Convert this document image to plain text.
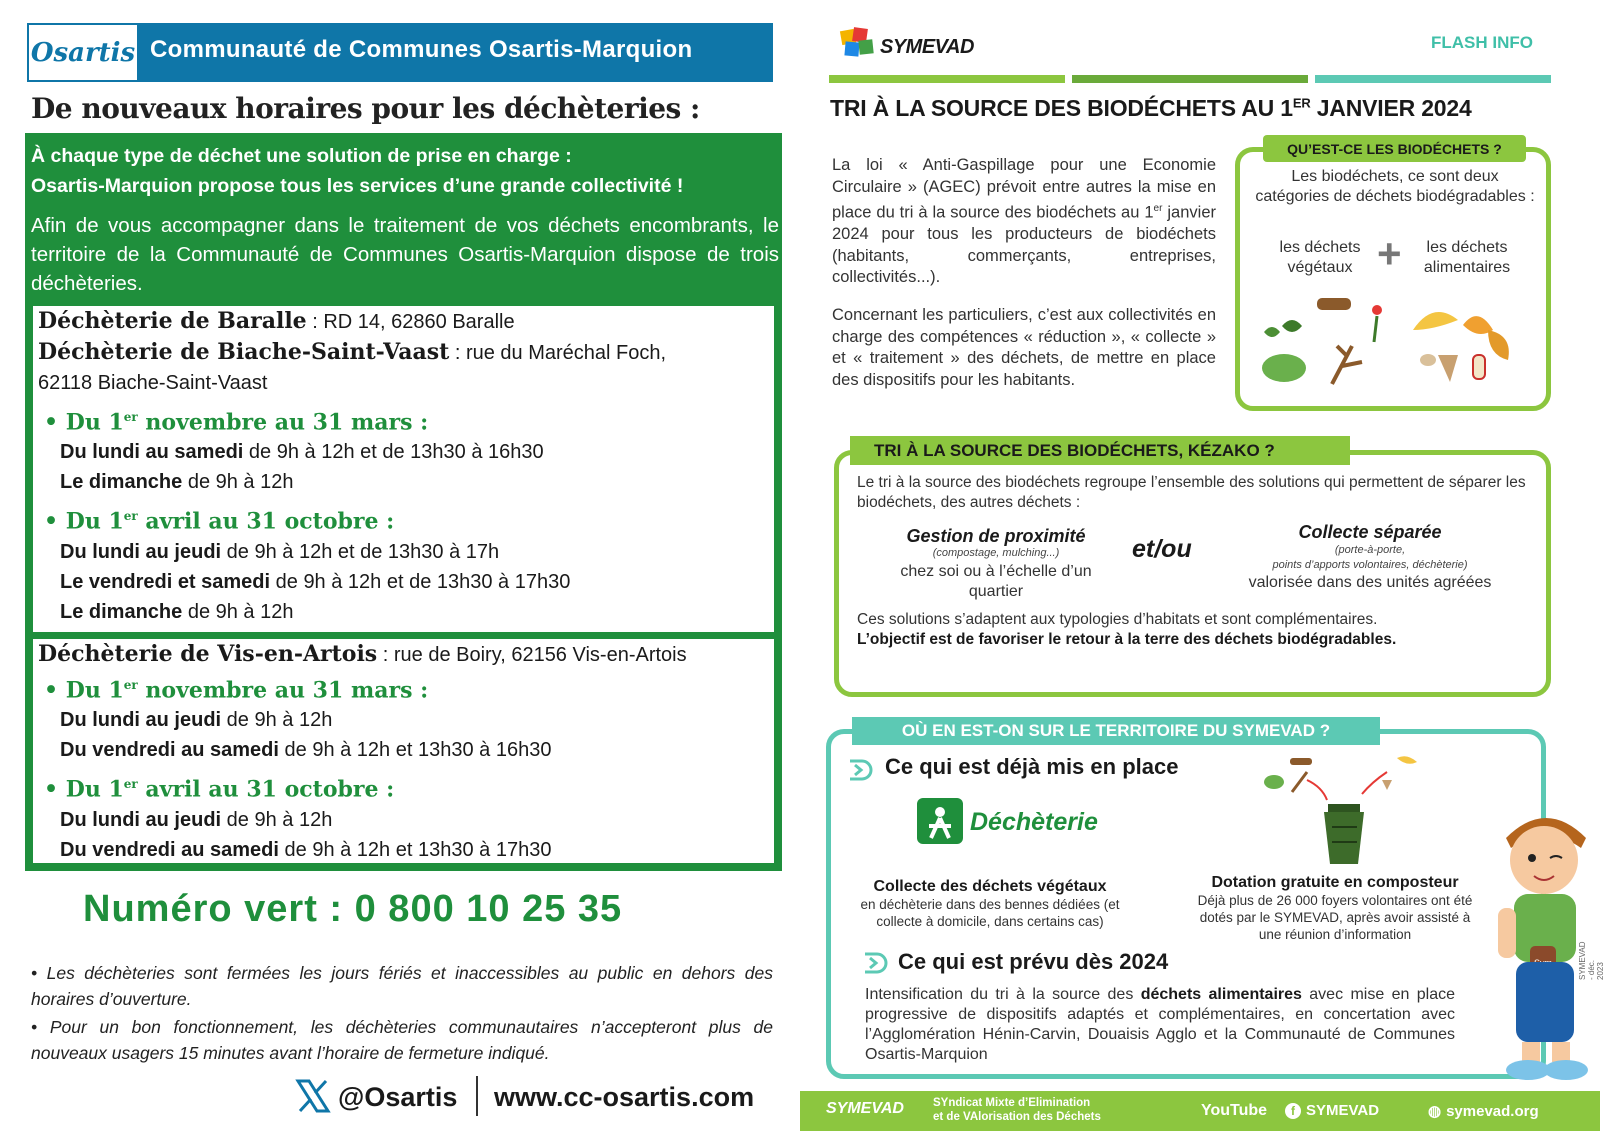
Osartis Communauté de Communes Osartis-Marquion
De nouveaux horaires pour les déchèteries :
À chaque type de déchet une solution de prise en charge :
Osartis-Marquion propose tous les services d’une grande collectivité !
Afin de vous accompagner dans le traitement de vos déchets encombrants, le territoire de la Communauté de Communes Osartis-Marquion dispose de trois déchèteries.
Déchèterie de Baralle : RD 14, 62860 Baralle
Déchèterie de Biache-Saint-Vaast : rue du Maréchal Foch,
62118 Biache-Saint-Vaast
• Du 1er novembre au 31 mars :
Du lundi au samedi de 9h à 12h et de 13h30 à 16h30
Le dimanche de 9h à 12h
• Du 1er avril au 31 octobre :
Du lundi au jeudi de 9h à 12h et de 13h30 à 17h
Le vendredi et samedi de 9h à 12h et de 13h30 à 17h30
Le dimanche de 9h à 12h
Déchèterie de Vis-en-Artois : rue de Boiry, 62156 Vis-en-Artois
• Du 1er novembre au 31 mars :
Du lundi au jeudi de 9h à 12h
Du vendredi au samedi de 9h à 12h et 13h30 à 16h30
• Du 1er avril au 31 octobre :
Du lundi au jeudi de 9h à 12h
Du vendredi au samedi de 9h à 12h et 13h30 à 17h30
Numéro vert : 0 800 10 25 35
• Les déchèteries sont fermées les jours fériés et inaccessibles au public en dehors des horaires d’ouverture.
• Pour un bon fonctionnement, les déchèteries communautaires n’accepteront plus de nouveaux usagers 15 minutes avant l’horaire de fermeture indiqué.
@Osartis www.cc-osartis.com
SYMEVAD	FLASH INFO
TRI À LA SOURCE DES BIODÉCHETS AU 1ER JANVIER 2024
La loi « Anti-Gaspillage pour une Economie Circulaire » (AGEC) prévoit entre autres la mise en place du tri à la source des biodéchets au 1er janvier 2024 pour tous les producteurs de biodéchets (habitants, commerçants, entreprises, collectivités...).
Concernant les particuliers, c’est aux collectivités en charge des compétences « réduction », « collecte » et « traitement » des déchets, de mettre en place des dispositifs pour les habitants.
QU’EST-CE LES BIODÉCHETS ?
Les biodéchets, ce sont deux catégories de déchets biodégradables :
les déchets végétaux +	les déchets alimentaires
TRI À LA SOURCE DES BIODÉCHETS, KÉZAKO ?
Le tri à la source des biodéchets regroupe l’ensemble des solutions qui permettent de séparer les biodéchets, des autres déchets :
Gestion de proximité
(compostage, mulching...)
chez soi ou à l’échelle d’un quartier
et/ou
Collecte séparée
(porte-à-porte,
points d’apports volontaires, déchèterie)
valorisée dans des unités agréées
Ces solutions s’adaptent aux typologies d’habitats et sont complémentaires.
L’objectif est de favoriser le retour à la terre des déchets biodégradables.
OÙ EN EST-ON SUR LE TERRITOIRE DU SYMEVAD ?
Ce qui est déjà mis en place
Déchèterie
Collecte des déchets végétaux
en déchèterie dans des bennes dédiées (et collecte à domicile, dans certains cas)
Dotation gratuite en composteur
Déjà plus de 26 000 foyers volontaires ont été dotés par le SYMEVAD, après avoir assisté à une réunion d’information
Ce qui est prévu dès 2024
Intensification du tri à la source des déchets alimentaires avec mise en place progressive de dispositifs adaptés et complémentaires, en concertation avec l’Agglomération Hénin-Carvin, Douaisis Agglo et la Communauté de Communes Osartis-Marquion
SYMEVAD - déc. 2023
SYMEVAD	SYndicat Mixte d’Elimination
et de VAlorisation des Déchets	YouTube	f SYMEVAD	◍ symevad.org
